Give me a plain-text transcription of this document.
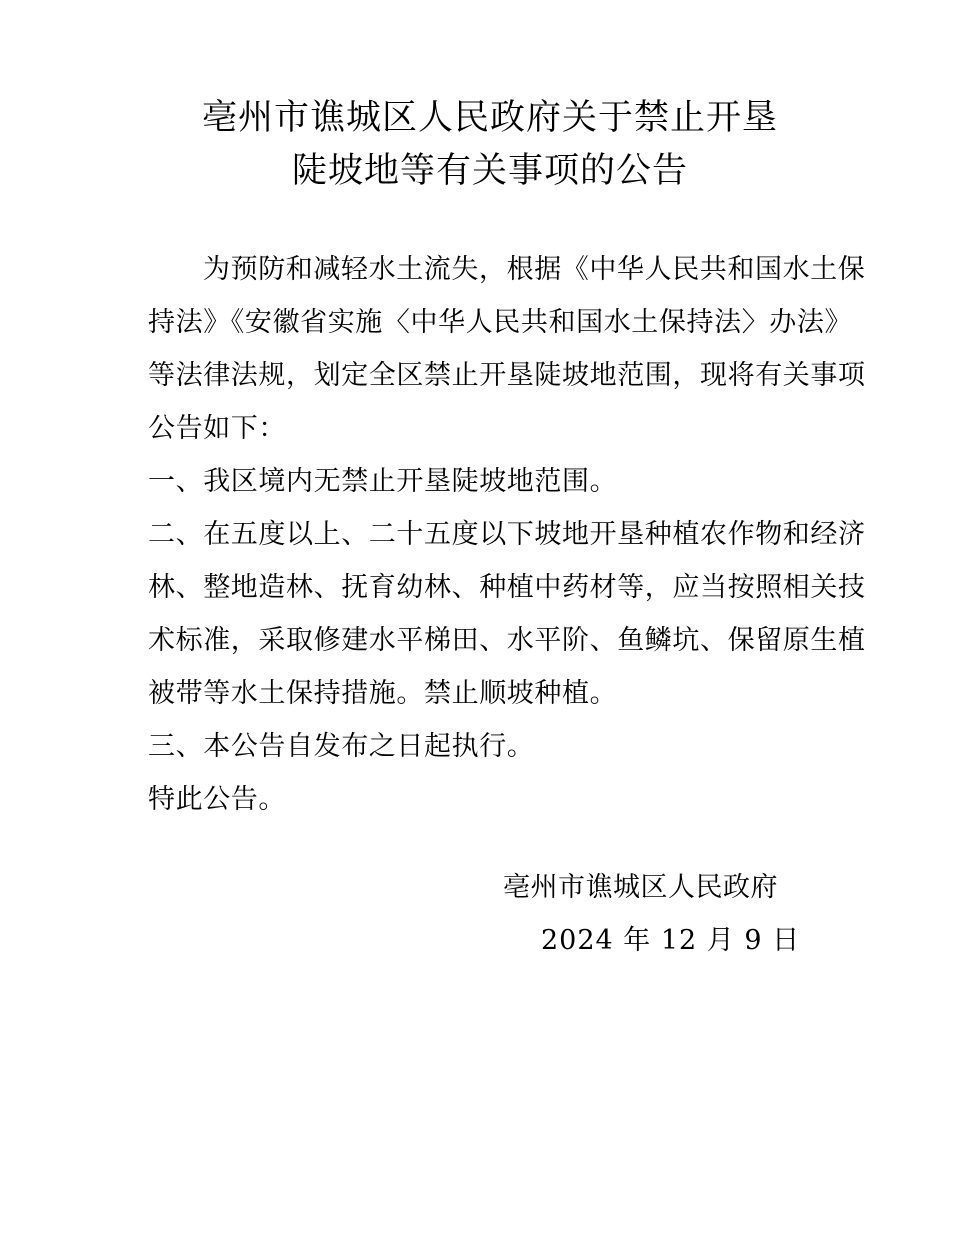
亳州市谯城区人民政府关于禁止开垦
陡坡地等有关事项的公告
为预防和减轻水土流失，根据《中华人民共和国水土保
持法》《安徽省实施〈中华人民共和国水土保持法〉办法》
等法律法规，划定全区禁止开垦陡坡地范围，现将有关事项
公告如下：
一、我区境内无禁止开垦陡坡地范围。
二、在五度以上、二十五度以下坡地开垦种植农作物和经济
林、整地造林、抚育幼林、种植中药材等，应当按照相关技
术标准，采取修建水平梯田、水平阶、鱼鳞坑、保留原生植
被带等水土保持措施。禁止顺坡种植。
三、本公告自发布之日起执行。
特此公告。
亳州市谯城区人民政府
2024 年 12 月 9 日
